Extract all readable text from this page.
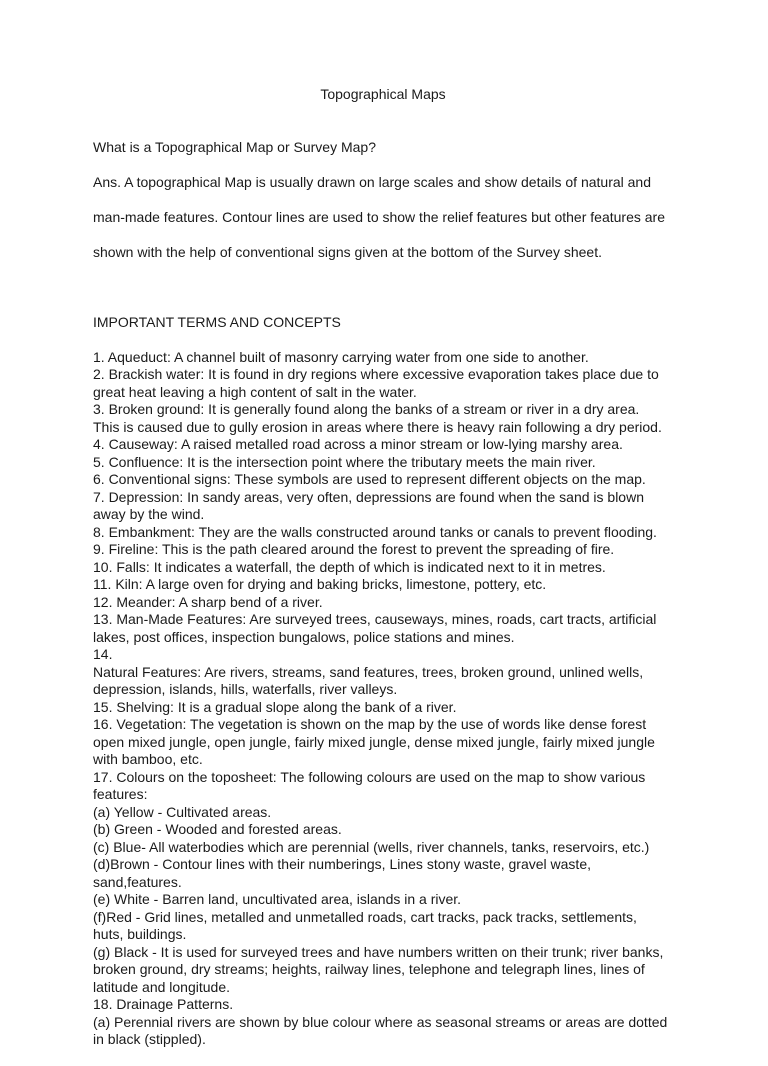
Topographical Maps

What is a Topographical Map or Survey Map?

Ans. A topographical Map is usually drawn on large scales and show details of natural and

man-made features. Contour lines are used to show the relief features but other features are

shown with the help of conventional signs given at the bottom of the Survey sheet.

IMPORTANT TERMS AND CONCEPTS

1. Aqueduct: A channel built of masonry carrying water from one side to another.
2. Brackish water: It is found in dry regions where excessive evaporation takes place due to
great heat leaving a high content of salt in the water.
3. Broken ground: It is generally found along the banks of a stream or river in a dry area.
This is caused due to gully erosion in areas where there is heavy rain following a dry period.
4. Causeway: A raised metalled road across a minor stream or low-lying marshy area.
5. Confluence: It is the intersection point where the tributary meets the main river.
6. Conventional signs: These symbols are used to represent different objects on the map.
7. Depression: In sandy areas, very often, depressions are found when the sand is blown
away by the wind.
8. Embankment: They are the walls constructed around tanks or canals to prevent flooding.
9. Fireline: This is the path cleared around the forest to prevent the spreading of fire.
10. Falls: It indicates a waterfall, the depth of which is indicated next to it in metres.
11. Kiln: A large oven for drying and baking bricks, limestone, pottery, etc.
12. Meander: A sharp bend of a river.
13. Man-Made Features: Are surveyed trees, causeways, mines, roads, cart tracts, artificial
lakes, post offices, inspection bungalows, police stations and mines.
14.
Natural Features: Are rivers, streams, sand features, trees, broken ground, unlined wells,
depression, islands, hills, waterfalls, river valleys.
15. Shelving: It is a gradual slope along the bank of a river.
16. Vegetation: The vegetation is shown on the map by the use of words like dense forest
open mixed jungle, open jungle, fairly mixed jungle, dense mixed jungle, fairly mixed jungle
with bamboo, etc.
17. Colours on the toposheet: The following colours are used on the map to show various
features:
(a) Yellow - Cultivated areas.
(b) Green - Wooded and forested areas.
(c) Blue- All waterbodies which are perennial (wells, river channels, tanks, reservoirs, etc.)
(d)Brown - Contour lines with their numberings, Lines stony waste, gravel waste,
sand,features.
(e) White - Barren land, uncultivated area, islands in a river.
(f)Red - Grid lines, metalled and unmetalled roads, cart tracks, pack tracks, settlements,
huts, buildings.
(g) Black - It is used for surveyed trees and have numbers written on their trunk; river banks,
broken ground, dry streams; heights, railway lines, telephone and telegraph lines, lines of
latitude and longitude.
18. Drainage Patterns.
(a) Perennial rivers are shown by blue colour where as seasonal streams or areas are dotted
in black (stippled).
